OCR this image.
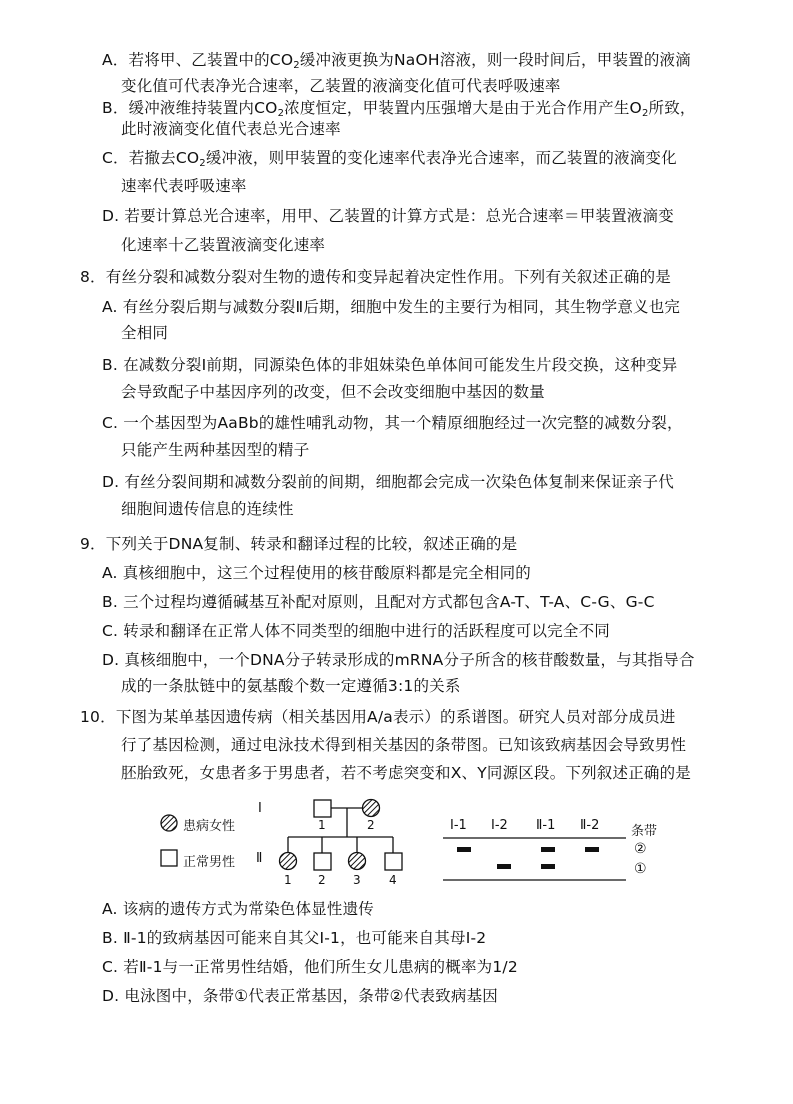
A．若将甲、乙装置中的$CO_2$缓冲液更换为NaOH溶液，则一段时间后，甲装置的液滴
变化值可代表净光合速率，乙装置的液滴变化值可代表呼吸速率
B．缓冲液维持装置内$CO_2$浓度恒定，甲装置内压强增大是由于光合作用产生$O_2$所致，
此时液滴变化值代表总光合速率
C．若撤去$CO_2$缓冲液，则甲装置的变化速率代表净光合速率，而乙装置的液滴变化
速率代表呼吸速率
D. 若要计算总光合速率，用甲、乙装置的计算方式是：总光合速率＝甲装置液滴变
化速率十乙装置液滴变化速率
8．有丝分裂和减数分裂对生物的遗传和变异起着决定性作用。下列有关叙述正确的是
A. 有丝分裂后期与减数分裂Ⅱ后期，细胞中发生的主要行为相同，其生物学意义也完
全相同
B. 在减数分裂Ⅰ前期，同源染色体的非姐妹染色单体间可能发生片段交换，这种变异
会导致配子中基因序列的改变，但不会改变细胞中基因的数量
C. 一个基因型为AaBb的雄性哺乳动物，其一个精原细胞经过一次完整的减数分裂，
只能产生两种基因型的精子
D. 有丝分裂间期和减数分裂前的间期，细胞都会完成一次染色体复制来保证亲子代
细胞间遗传信息的连续性
9．下列关于DNA复制、转录和翻译过程的比较，叙述正确的是
A. 真核细胞中，这三个过程使用的核苷酸原料都是完全相同的
B. 三个过程均遵循碱基互补配对原则，且配对方式都包含A-T、T-A、C-G、G-C
C. 转录和翻译在正常人体不同类型的细胞中进行的活跃程度可以完全不同
D. 真核细胞中，一个DNA分子转录形成的mRNA分子所含的核苷酸数量，与其指导合
成的一条肽链中的氨基酸个数一定遵循3:1的关系
10．下图为某单基因遗传病（相关基因用A/a表示）的系谱图。研究人员对部分成员进
行了基因检测，通过电泳技术得到相关基因的条带图。已知该致病基因会导致男性
胚胎致死，女患者多于男患者，若不考虑突变和X、Y同源区段。下列叙述正确的是
患病女性
正常男性
Ⅰ
Ⅱ
1	2
1 2 3 4
Ⅰ-1 Ⅰ-2 Ⅱ-1 Ⅱ-2 条带
②
①
A. 该病的遗传方式为常染色体显性遗传
B. Ⅱ-1的致病基因可能来自其父Ⅰ-1，也可能来自其母Ⅰ-2
C. 若Ⅱ-1与一正常男性结婚，他们所生女儿患病的概率为1/2
D. 电泳图中，条带①代表正常基因，条带②代表致病基因
